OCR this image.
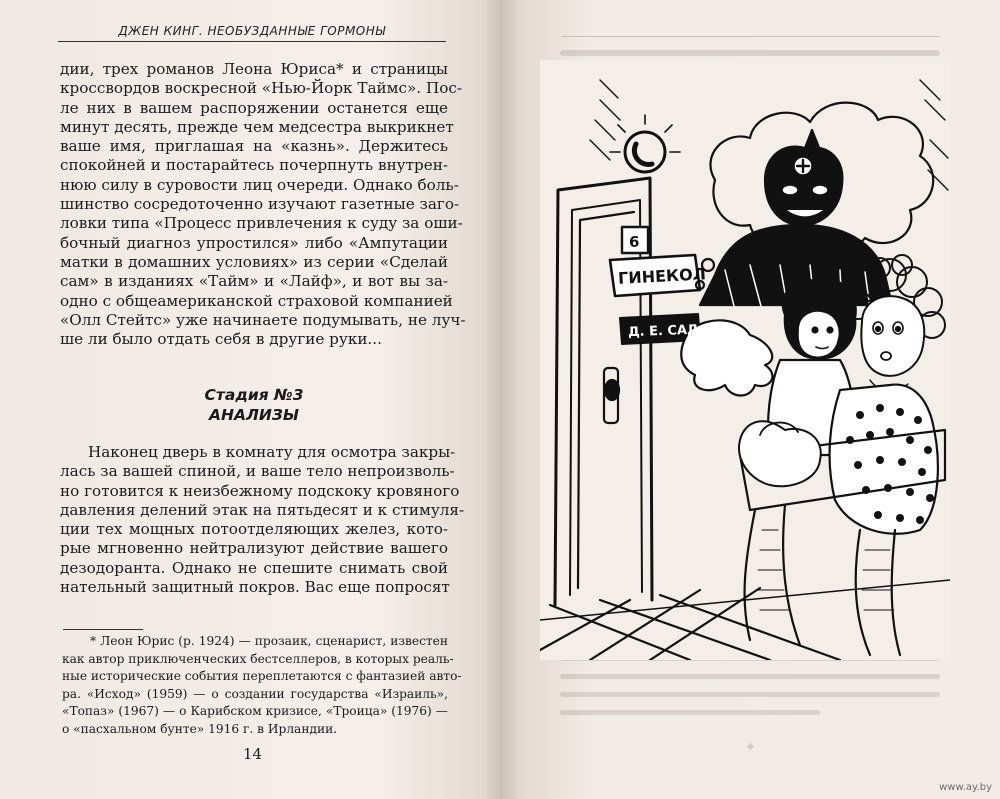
ДЖЕН КИНГ. НЕОБУЗДАННЫЕ ГОРМОНЫ
дии, трех романов Леона Юриса* и страницы
кроссвордов воскресной «Нью-Йорк Таймс». Пос-
ле них в вашем распоряжении останется еще
минут десять, прежде чем медсестра выкрикнет
ваше имя, приглашая на «казнь». Держитесь
спокойней и постарайтесь почерпнуть внутрен-
нюю силу в суровости лиц очереди. Однако боль-
шинство сосредоточенно изучают газетные заго-
ловки типа «Процесс привлечения к суду за оши-
бочный диагноз упростился» либо «Ампутации
матки в домашних условиях» из серии «Сделай
сам» в изданиях «Тайм» и «Лайф», и вот вы за-
одно с общеамериканской страховой компанией
«Олл Стейтс» уже начинаете подумывать, не луч-
ше ли было отдать себя в другие руки...
Стадия №3
АНАЛИЗЫ
Наконец дверь в комнату для осмотра закры-
лась за вашей спиной, и ваше тело непроизволь-
но готовится к неизбежному подскоку кровяного
давления делений этак на пятьдесят и к стимуля-
ции тех мощных потоотделяющих желез, кото-
рые мгновенно нейтрализуют действие вашего
дезодоранта. Однако не спешите снимать свой
нательный защитный покров. Вас еще попросят
* Леон Юрис (р. 1924) — прозаик, сценарист, известен
как автор приключенческих бестселлеров, в которых реаль-
ные исторические события переплетаются с фантазией авто-
ра. «Исход» (1959) — о создании государства «Израиль»,
«Топаз» (1967) — о Карибском кризисе, «Троица» (1976) —
о «пасхальном бунте» 1916 г. в Ирландии.
14
6
ГИНЕКОЛ
Д. Е. САД
✦
www.ay.by
